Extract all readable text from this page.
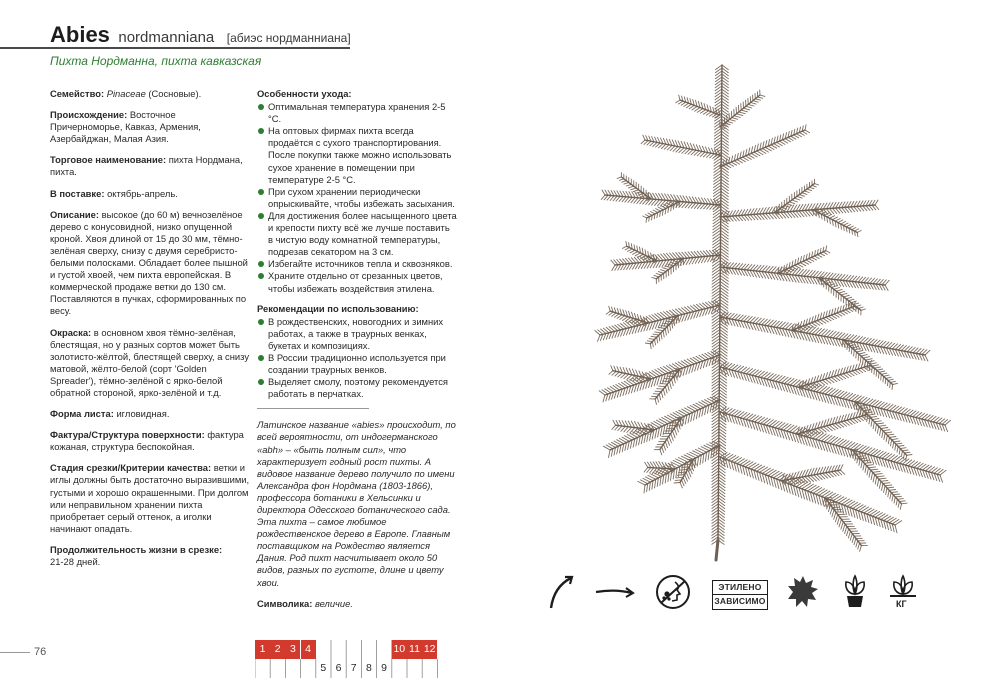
Abies nordmanniana [абиэс нордманниана]
Пихта Нордманна, пихта кавказская

Семейство: Pinaceae (Сосновые).

Происхождение: Восточное Причерноморье, Кавказ, Армения, Азербайджан, Малая Азия.

Торговое наименование: пихта Нордмана, пихта.

В поставке: октябрь-апрель.

Описание: высокое (до 60 м) вечнозелёное дерево с конусовидной, низко опущенной кроной. Хвоя длиной от 15 до 30 мм, тёмно-зелёная сверху, снизу с двумя серебристо-белыми полосками. Обладает более пышной и густой хвоей, чем пихта европейская. В коммерческой продаже ветки до 130 см. Поставляются в пучках, сформированных по весу.

Окраска: в основном хвоя тёмно-зелёная, блестящая, но у разных сортов может быть золотисто-жёлтой, блестящей сверху, а снизу матовой, жёлто-белой (сорт 'Golden Spreader'), тёмно-зелёной с ярко-белой обратной стороной, ярко-зелёной и т.д.

Форма листа: игловидная.

Фактура/Структура поверхности: фактура кожаная, структура беспокойная.

Стадия срезки/Критерии качества: ветки и иглы должны быть достаточно выразившими, густыми и хорошо окрашенными. При долгом или неправильном хранении пихта приобретает серый оттенок, а иголки начинают опадать.

Продолжительность жизни в срезке:
21-28 дней.

Особенности ухода:
Оптимальная температура хранения 2-5 °С.
На оптовых фирмах пихта всегда продаётся с сухого транспортирования. После покупки также можно использовать сухое хранение в помещении при температуре 2-5 °С.
При сухом хранении периодически опрыскивайте, чтобы избежать засыхания.
Для достижения более насыщенного цвета и крепости пихту всё же лучше поставить в чистую воду комнатной температуры, подрезав секатором на 3 см.
Избегайте источников тепла и сквозняков.
Храните отдельно от срезанных цветов, чтобы избежать воздействия этилена.
Рекомендации по использованию:
В рождественских, новогодних и зимних работах, а также в траурных венках, букетах и композициях.
В России традиционно используется при создании траурных венков.
Выделяет смолу, поэтому рекомендуется работать в перчатках.

Латинское название «abies» происходит, по всей вероятности, от индогерманского «abh» – «быть полным сил», что характеризует годный рост пихты. А видовое название дерево получило по имени Александра фон Нордмана (1803-1866), профессора ботаники в Хельсинки и директора Одесского ботанического сада. Эта пихта – самое любимое рождественское дерево в Европе. Главным поставщиком на Рождество является Дания. Род пихт насчитывает около 50 видов, разных по густоте, длине и цвету хвои.

Символика: величие.

ЭТИЛЕНО
ЗАВИСИМО	КГ
76	1 2 3 4
5 6 7 8 9
10 11 12
